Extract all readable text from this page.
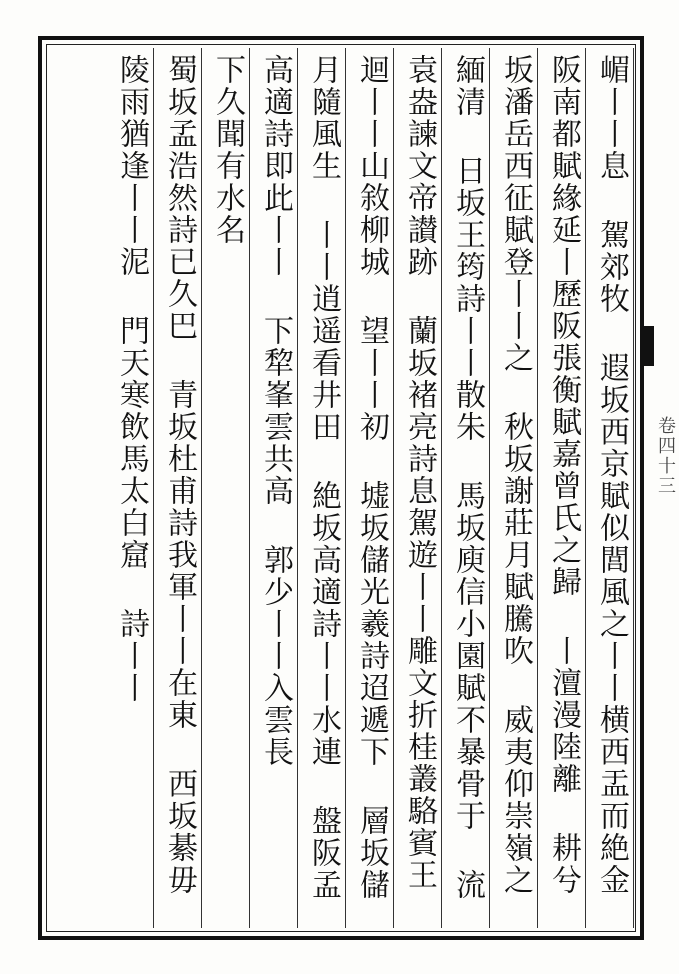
卷四十三
嵋丨丨息 駕郊牧 遐坂西京賦似閭風之丨丨横西盂而絶金
阪南都賦緣延丨歷阪張衡賦嘉曾氏之歸 丨澶漫陸離 耕兮
坂潘岳西征賦登丨丨之 秋坂謝莊月賦騰吹 威夷仰崇嶺之
緬清 日坂王筠詩丨丨散朱 馬坂庾信小園賦不暴骨于 流
袁盎諫文帝讃跡 蘭坂褚亮詩息駕遊丨丨雕文折桂叢駱賓王
迴丨丨山敘柳城 望丨丨初 墟坂儲光羲詩迢遞下 層坂儲
月隨風生 丨丨逍遥看井田 絶坂高適詩丨丨水連 盤阪孟
高適詩即此丨丨 下犂峯雲共高 郭少丨丨入雲長
下久聞有水名
蜀坂孟浩然詩已久巴 青坂杜甫詩我軍丨丨在東 西坂綦毋
陵雨猶逢丨丨泥 門天寒飲馬太白窟 詩丨丨
